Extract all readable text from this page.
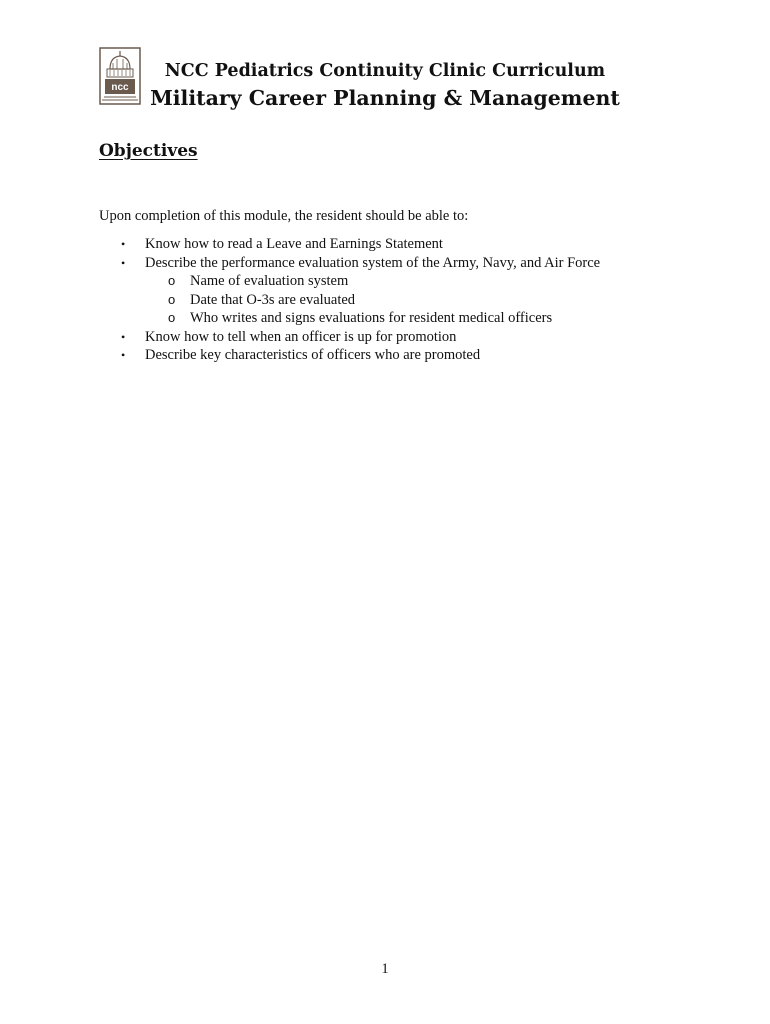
ncc
NCC Pediatrics Continuity Clinic Curriculum
Military Career Planning & Management
Objectives
Upon completion of this module, the resident should be able to:
• Know how to read a Leave and Earnings Statement
• Describe the performance evaluation system of the Army, Navy, and Air Force
o Name of evaluation system
o Date that O-3s are evaluated
o Who writes and signs evaluations for resident medical officers
• Know how to tell when an officer is up for promotion
• Describe key characteristics of officers who are promoted
1
